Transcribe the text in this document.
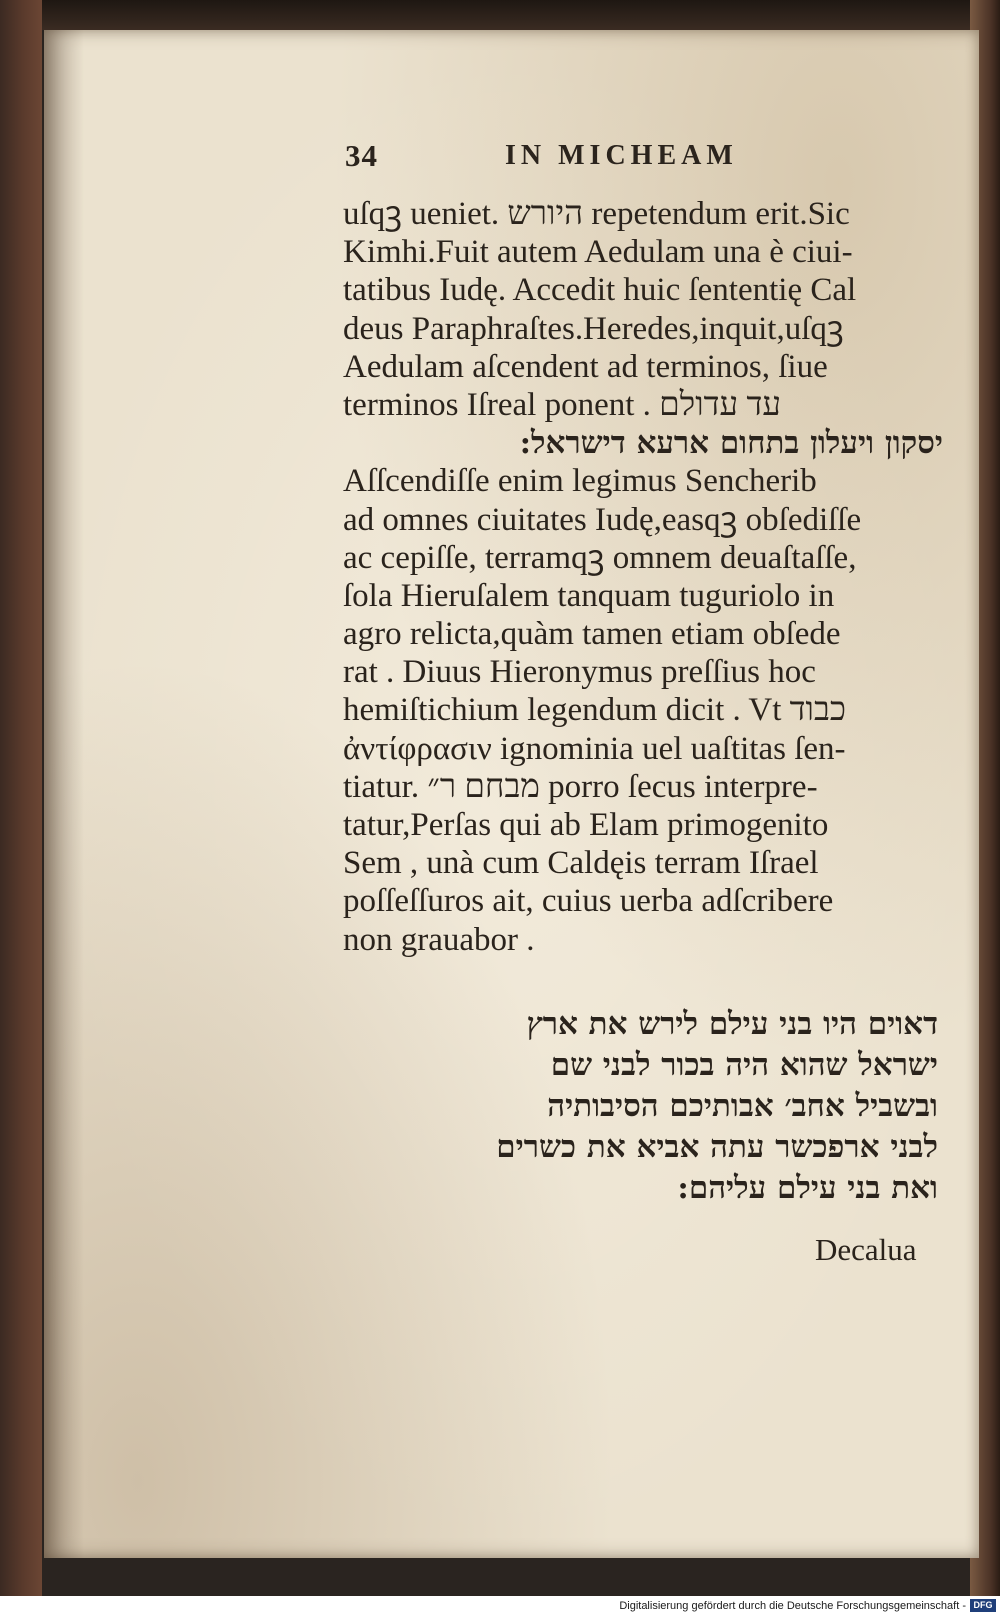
34	IN MICHEAM
uſqꝫ ueniet. היורש repetendum erit.Sic
Kimhi.Fuit autem Aedulam una è ciui-
tatibus Iudę. Accedit huic ſententię Cal
deus Paraphraſtes.Heredes,inquit,uſqꝫ
Aedulam aſcendent ad terminos, ſiue
terminos Iſreal ponent . עד עדולם
יסקון ויעלון בתחום ארעא דישראל:
Aſſcendiſſe enim legimus Sencherib
ad omnes ciuitates Iudę,easqꝫ obſediſſe
ac cepiſſe, terramqꝫ omnem deuaſtaſſe,
ſola Hieruſalem tanquam tuguriolo in
agro relicta,quàm tamen etiam obſede
rat . Diuus Hieronymus preſſius hoc
hemiſtichium legendum dicit . Vt כבוד
ἀντίφρασιν ignominia uel uaſtitas ſen-
tiatur. מבחם ר״ porro ſecus interpre-
tatur,Perſas qui ab Elam primogenito
Sem , unà cum Caldęis terram Iſrael
poſſeſſuros ait, cuius uerba adſcribere
non grauabor .
דאוים היו בני עילם לירש את ארץ
ישראל שהוא היה בכור לבני שם
ובשביל אחב׳ אבותיכם הסיבותיה
לבני ארפכשר עתה אביא את כשרים
ואת בני עילם עליהם:
Decalua
Digitalisierung gefördert durch die Deutsche Forschungsgemeinschaft - DFG
